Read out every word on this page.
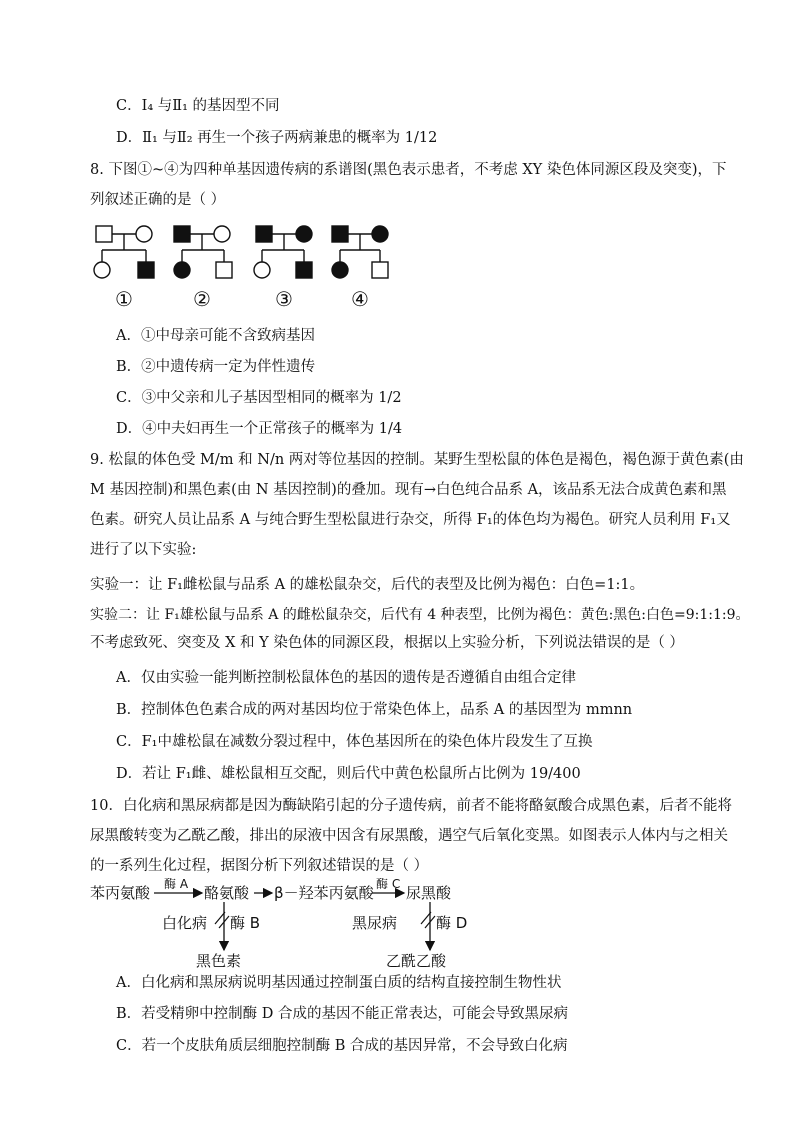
C．I₄ 与Ⅱ₁ 的基因型不同
D．Ⅱ₁ 与Ⅱ₂ 再生一个孩子两病兼患的概率为 1/12
8. 下图①~④为四种单基因遗传病的系谱图(黑色表示患者，不考虑 XY 染色体同源区段及突变)，下
列叙述正确的是（ ）
①	②	③	④
A．①中母亲可能不含致病基因
B．②中遗传病一定为伴性遗传
C．③中父亲和儿子基因型相同的概率为 1/2
D．④中夫妇再生一个正常孩子的概率为 1/4
9. 松鼠的体色受 M/m 和 N/n 两对等位基因的控制。某野生型松鼠的体色是褐色，褐色源于黄色素(由
M 基因控制)和黑色素(由 N 基因控制)的叠加。现有→白色纯合品系 A，该品系无法合成黄色素和黑
色素。研究人员让品系 A 与纯合野生型松鼠进行杂交，所得 F₁的体色均为褐色。研究人员利用 F₁又
进行了以下实验:
实验一：让 F₁雌松鼠与品系 A 的雄松鼠杂交，后代的表型及比例为褐色：白色=1:1。
实验二：让 F₁雄松鼠与品系 A 的雌松鼠杂交，后代有 4 种表型，比例为褐色：黄色:黑色:白色=9:1:1:9。
不考虑致死、突变及 X 和 Y 染色体的同源区段，根据以上实验分析，下列说法错误的是（ ）
A．仅由实验一能判断控制松鼠体色的基因的遗传是否遵循自由组合定律
B．控制体色色素合成的两对基因均位于常染色体上，品系 A 的基因型为 mmnn
C．F₁中雄松鼠在减数分裂过程中，体色基因所在的染色体片段发生了互换
D．若让 F₁雌、雄松鼠相互交配，则后代中黄色松鼠所占比例为 19/400
10．白化病和黑尿病都是因为酶缺陷引起的分子遗传病，前者不能将酪氨酸合成黑色素，后者不能将
尿黑酸转变为乙酰乙酸，排出的尿液中因含有尿黑酸，遇空气后氧化变黑。如图表示人体内与之相关
的一系列生化过程，据图分析下列叙述错误的是（ ）
苯丙氨酸 酶 A 酪氨酸 β－羟苯丙氨酸 酶 C 尿黑酸
白化病 酶 B
黑色素
黑尿病	酶 D
乙酰乙酸
A．白化病和黑尿病说明基因通过控制蛋白质的结构直接控制生物性状
B．若受精卵中控制酶 D 合成的基因不能正常表达，可能会导致黑尿病
C．若一个皮肤角质层细胞控制酶 B 合成的基因异常，不会导致白化病
